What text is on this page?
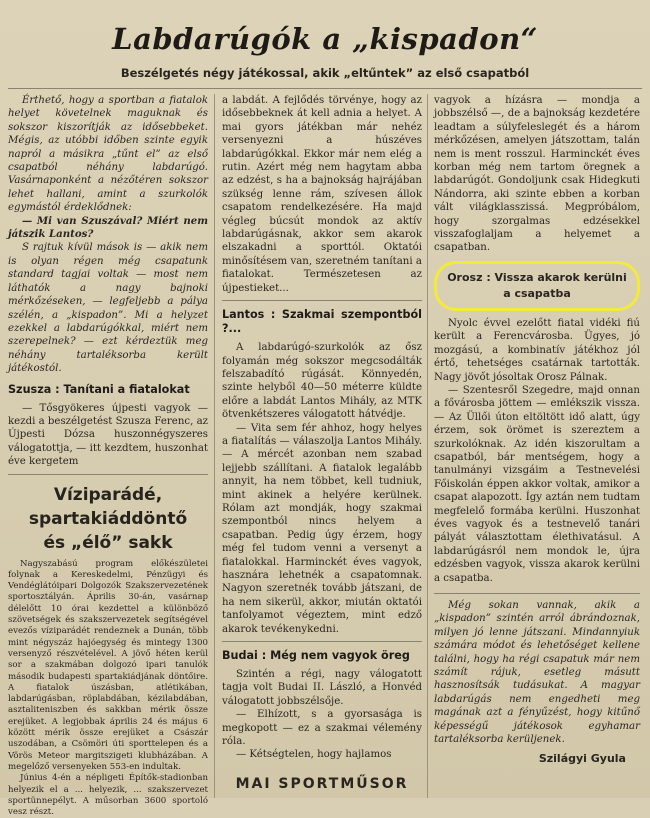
Labdarúgók a „kispadon“
Beszélgetés négy játékossal, akik „eltűntek” az első csapatból

Érthető, hogy a sportban a fiatalok helyet követelnek maguknak és sokszor kiszorítják az idősebbeket. Mégis, az utóbbi időben szinte egyik napról a másikra „tűnt el” az első csapatból néhány labdarúgó. Vasárnaponként a nézőtéren sokszor lehet hallani, amint a szurkolók egymástól érdeklődnek:

— Mi van Szuszával? Miért nem játszik Lantos?

S rajtuk kívül mások is — akik nem is olyan régen még csapatunk standard tagjai voltak — most nem láthatók a nagy bajnoki mérkőzéseken, — legfeljebb a pálya szélén, a „kispadon”. Mi a helyzet ezekkel a labdarúgókkal, miért nem szerepelnek? — ezt kérdeztük meg néhány tartaléksorba került játékostól.

Szusza : Tanítani a fiatalokat

— Tősgyökeres újpesti vagyok — kezdi a beszélgetést Szusza Ferenc, az Újpesti Dózsa huszonnégyszeres válogatottja, — itt kezdtem, huszonhat éve kergetem

Víziparádé, spartakiáddöntő
és „élő” sakk

Nagyszabású program előkészületei folynak a Kereskedelmi, Pénzügyi és Vendéglátóipari Dolgozók Szakszervezetének sportosztályán. Április 30-án, vasárnap délelőtt 10 órai kezdettel a különböző szövetségek és szakszervezetek segítségével evezős víziparádét rendeznek a Dunán, több mint négyszáz hajóegység és mintegy 1300 versenyző részvételével. A jövő héten kerül sor a szakmában dolgozó ipari tanulók második budapesti spartakiádjának döntőire. A fiatalok úszásban, atlétikában, labdarúgásban, röplabdában, kézilabdában, asztaliteniszben és sakkban mérik össze erejüket. A legjobbak április 24 és május 6 között mérik össze erejüket a Császár uszodában, a Csömöri úti sporttelepen és a Vörös Meteor margitszigeti klubházában. A megelőző versenyeken 553-en indultak.

Június 4-én a népligeti Építők-stadionban helyezik el a ... helyezik, ... szakszervezet sportünnepélyt. A műsorban 3600 sportoló vesz részt.

a labdát. A fejlődés törvénye, hogy az idősebbeknek át kell adnia a helyet. A mai gyors játékban már nehéz versenyezni a húszéves labdarúgókkal. Ekkor már nem elég a rutin. Azért még nem hagytam abba az edzést, s ha a bajnokság hajrájában szükség lenne rám, szívesen állok csapatom rendelkezésére. Ha majd végleg búcsút mondok az aktív labdarúgásnak, akkor sem akarok elszakadni a sporttól. Oktatói minősítésem van, szeretném tanítani a fiatalokat. Természetesen az újpestieket...

Lantos : Szakmai szempontból ?...

A labdarúgó-szurkolók az ősz folyamán még sokszor megcsodálták felszabadító rúgását. Könnyedén, szinte helyből 40—50 méterre küldte előre a labdát Lantos Mihály, az MTK ötvenkétszeres válogatott hátvédje.

— Vita sem fér ahhoz, hogy helyes a fiatalítás — válaszolja Lantos Mihály. — A mércét azonban nem szabad lejjebb szállítani. A fiatalok legalább annyit, ha nem többet, kell tudniuk, mint akinek a helyére kerülnek. Rólam azt mondják, hogy szakmai szempontból nincs helyem a csapatban. Pedig úgy érzem, hogy még fel tudom venni a versenyt a fiatalokkal. Harminckét éves vagyok, hasznára lehetnék a csapatomnak. Nagyon szeretnék tovább játszani, de ha nem sikerül, akkor, miután oktatói tanfolyamot végeztem, mint edző akarok tevékenykedni.

Budai : Még nem vagyok öreg

Szintén a régi, nagy válogatott tagja volt Budai II. László, a Honvéd válogatott jobbszélsője.

— Elhízott, s a gyorsasága is megkopott — ez a szakmai vélemény róla.

— Kétségtelen, hogy hajlamos

vagyok a hízásra — mondja a jobbszélső —, de a bajnokság kezdetére leadtam a súlyfeleslegét és a három mérkőzésen, amelyen játszottam, talán nem is ment rosszul. Harminckét éves korban még nem tartom öregnek a labdarúgót. Gondoljunk csak Hidegkuti Nándorra, aki szinte ebben a korban vált világklasszissá. Megpróbálom, hogy szorgalmas edzésekkel visszafoglaljam a helyemet a csapatban.

Orosz : Vissza akarok kerülni
a csapatba

Nyolc évvel ezelőtt fiatal vidéki fiú került a Ferencvárosba. Ügyes, jó mozgású, a kombinatív játékhoz jól értő, tehetséges csatárnak tartották. Nagy jövőt jósoltak Orosz Pálnak.

— Szentesről Szegedre, majd onnan a fővárosba jöttem — emlékszik vissza. — Az Üllői úton eltöltött idő alatt, úgy érzem, sok örömet is szereztem a szurkolóknak. Az idén kiszorultam a csapatból, bár mentségem, hogy a tanulmányi vizsgáim a Testnevelési Főiskolán éppen akkor voltak, amikor a csapat alapozott. Így aztán nem tudtam megfelelő formába kerülni. Huszonhat éves vagyok és a testnevelő tanári pályát választottam élethivatásul. A labdarúgásról nem mondok le, újra edzésben vagyok, vissza akarok kerülni a csapatba.

Még sokan vannak, akik a „kispadon” szintén arról ábrándoznak, milyen jó lenne játszani. Mindannyiuk számára módot és lehetőséget kellene találni, hogy ha régi csapatuk már nem számít rájuk, esetleg másutt hasznosítsák tudásukat. A magyar labdarúgás nem engedheti meg magának azt a fényűzést, hogy kitűnő képességű játékosok egyhamar tartaléksorba kerüljenek.

Szilágyi Gyula
MAI SPORTMŰSOR
